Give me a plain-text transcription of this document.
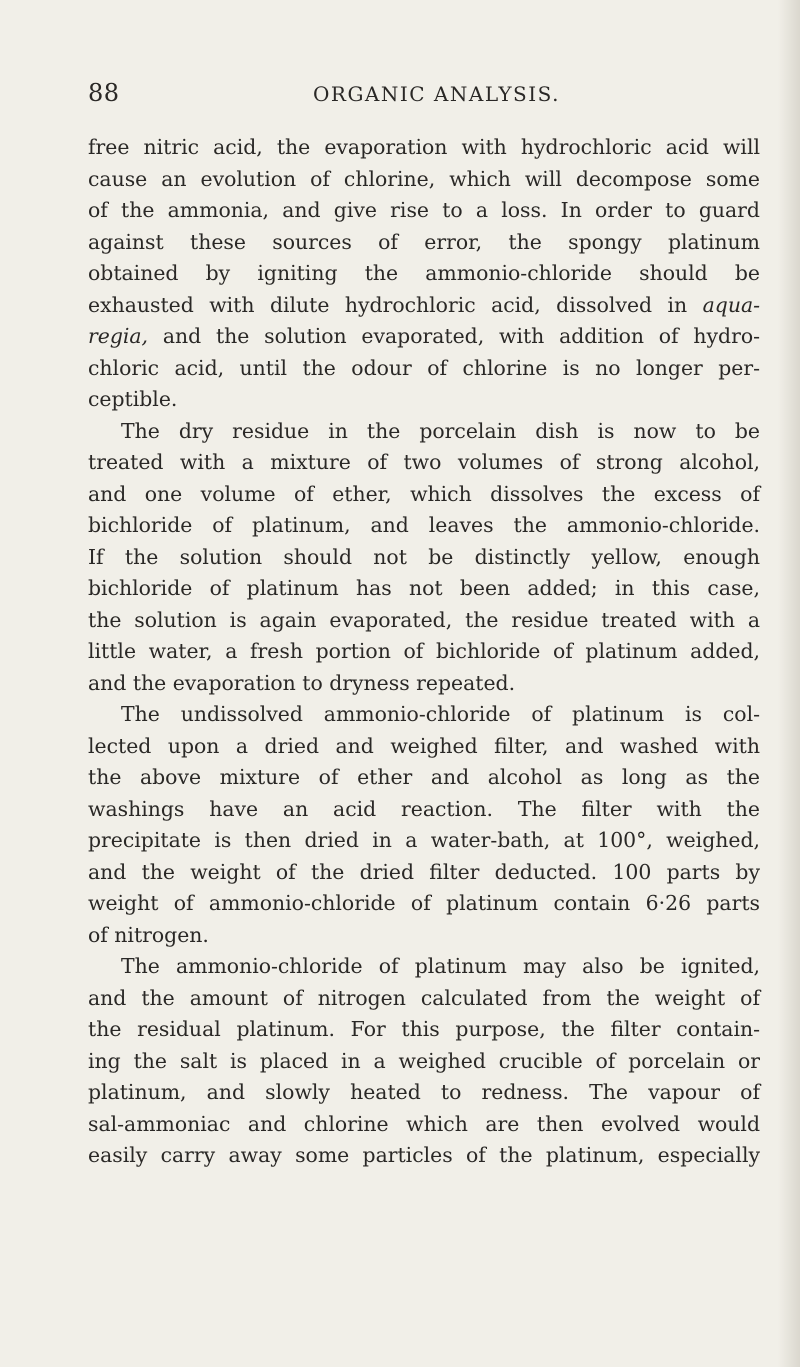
88	ORGANIC ANALYSIS.
free nitric acid, the evaporation with hydrochloric acid will
cause an evolution of chlorine, which will decompose some
of the ammonia, and give rise to a loss. In order to guard
against these sources of error, the spongy platinum
obtained by igniting the ammonio-chloride should be
exhausted with dilute hydrochloric acid, dissolved in aqua-
regia, and the solution evaporated, with addition of hydro-
chloric acid, until the odour of chlorine is no longer per-
ceptible.
The dry residue in the porcelain dish is now to be
treated with a mixture of two volumes of strong alcohol,
and one volume of ether, which dissolves the excess of
bichloride of platinum, and leaves the ammonio-chloride.
If the solution should not be distinctly yellow, enough
bichloride of platinum has not been added; in this case,
the solution is again evaporated, the residue treated with a
little water, a fresh portion of bichloride of platinum added,
and the evaporation to dryness repeated.
The undissolved ammonio-chloride of platinum is col-
lected upon a dried and weighed filter, and washed with
the above mixture of ether and alcohol as long as the
washings have an acid reaction. The filter with the
precipitate is then dried in a water-bath, at 100°, weighed,
and the weight of the dried filter deducted. 100 parts by
weight of ammonio-chloride of platinum contain 6·26 parts
of nitrogen.
The ammonio-chloride of platinum may also be ignited,
and the amount of nitrogen calculated from the weight of
the residual platinum. For this purpose, the filter contain-
ing the salt is placed in a weighed crucible of porcelain or
platinum, and slowly heated to redness. The vapour of
sal-ammoniac and chlorine which are then evolved would
easily carry away some particles of the platinum, especially
